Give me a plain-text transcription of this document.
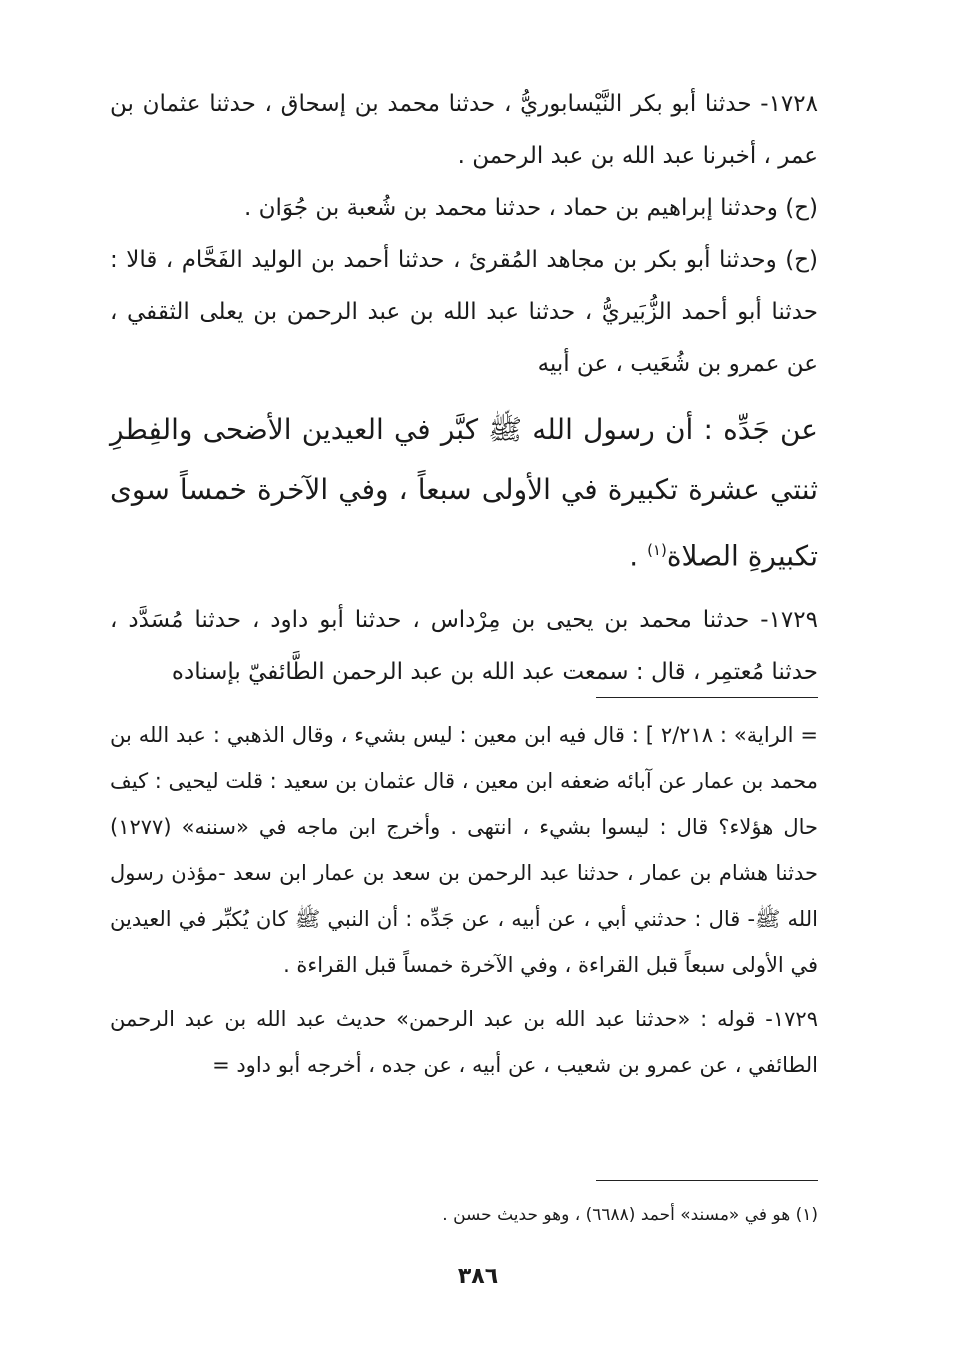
١٧٢٨- حدثنا أبو بكر النَّيْسابوريُّ ، حدثنا محمد بن إسحاق ، حدثنا عثمان بن عمر ، أخبرنا عبد الله بن عبد الرحمن .

(ح) وحدثنا إبراهيم بن حماد ، حدثنا محمد بن شُعبة بن جُوَان .

(ح) وحدثنا أبو بكر بن مجاهد المُقرئ ، حدثنا أحمد بن الوليد الفَحَّام ، قالا : حدثنا أبو أحمد الزُّبَيريُّ ، حدثنا عبد الله بن عبد الرحمن بن يعلى الثقفي ، عن عمرو بن شُعَيب ، عن أبيه

عن جَدِّه : أن رسول الله ﷺ كبَّر في العيدين الأضحى والفِطرِ ثنتي عشرة تكبيرة في الأولى سبعاً ، وفي الآخرة خمساً سوى تكبيرةِ الصلاة$^{(١)}$ .

١٧٢٩- حدثنا محمد بن يحيى بن مِرْداس ، حدثنا أبو داود ، حدثنا مُسَدَّد ، حدثنا مُعتمِر ، قال : سمعت عبد الله بن عبد الرحمن الطَّائفيّ بإسناده

= الراية» : ٢/٢١٨ ] : قال فيه ابن معين : ليس بشيء ، وقال الذهبي : عبد الله بن محمد بن عمار عن آبائه ضعفه ابن معين ، قال عثمان بن سعيد : قلت ليحيى : كيف حال هؤلاء؟ قال : ليسوا بشيء ، انتهى . وأخرج ابن ماجه في «سننه» (١٢٧٧) حدثنا هشام بن عمار ، حدثنا عبد الرحمن بن سعد بن عمار ابن سعد -مؤذن رسول الله ﷺ- قال : حدثني أبي ، عن أبيه ، عن جَدِّه : أن النبي ﷺ كان يُكبِّر في العيدين في الأولى سبعاً قبل القراءة ، وفي الآخرة خمساً قبل القراءة .

١٧٢٩- قوله : «حدثنا عبد الله بن عبد الرحمن» حديث عبد الله بن عبد الرحمن الطائفي ، عن عمرو بن شعيب ، عن أبيه ، عن جده ، أخرجه أبو داود =

(١) هو في «مسند» أحمد (٦٦٨٨) ، وهو حديث حسن .
٣٨٦
